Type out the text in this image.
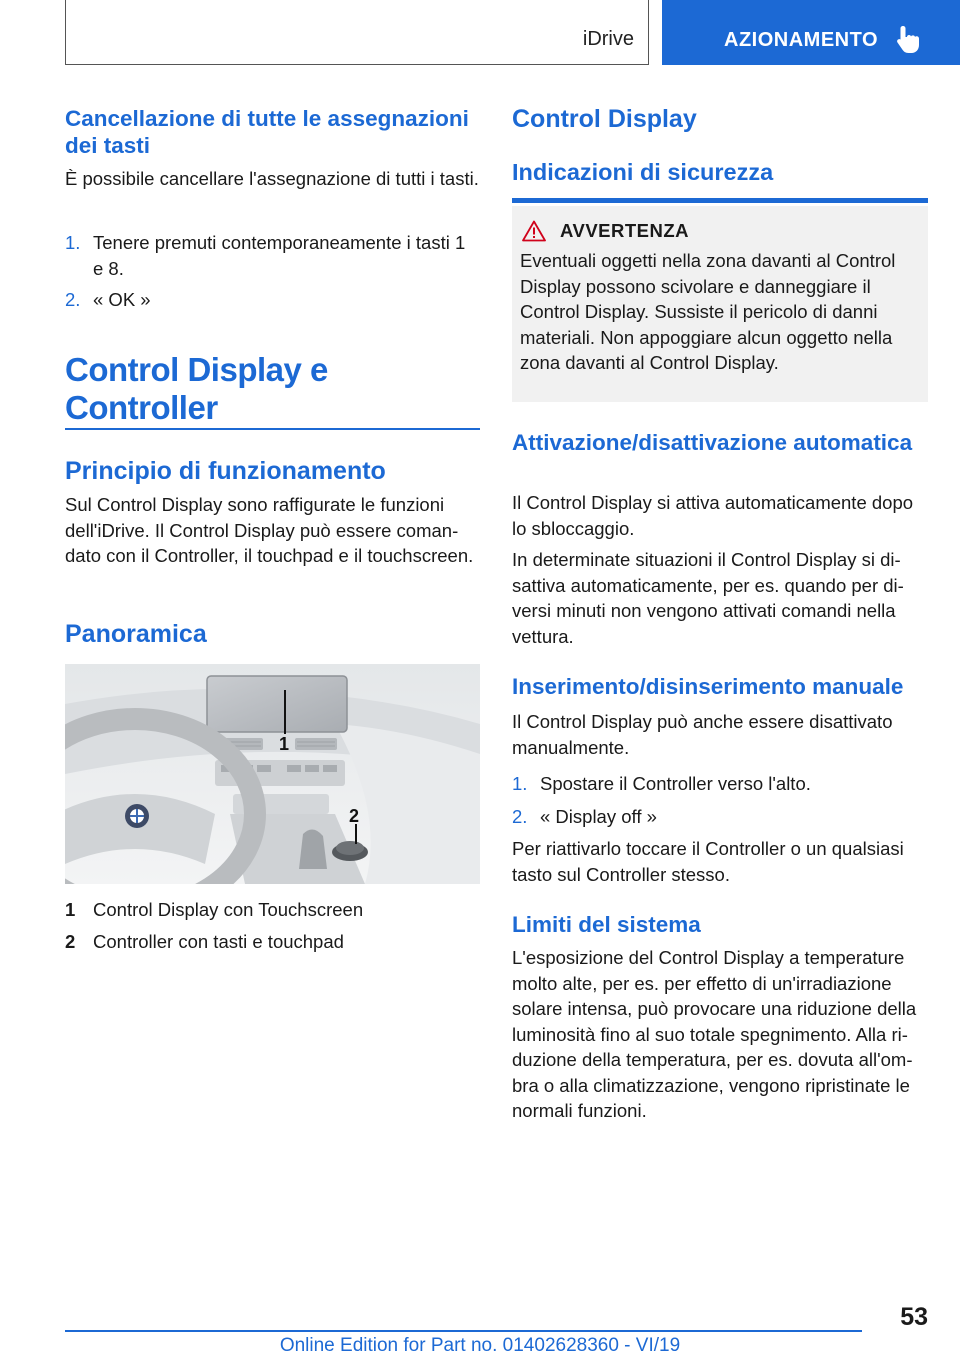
iDrive	AZIONAMENTO
Cancellazione di tutte le assegnazioni dei tasti

È possibile cancellare l'assegnazione di tutti i tasti.

1. Tenere premuti contemporaneamente i tasti 1 e 8.
2. « OK »
Control Display e Controller
Principio di funzionamento

Sul Control Display sono raffigurate le funzioni dell'iDrive. Il Control Display può essere comandato con il Controller, il touchpad e il touchscreen.

Panoramica
1
2
1 Control Display con Touchscreen
2 Controller con tasti e touchpad
Control Display
Indicazioni di sicurezza
AVVERTENZA

Eventuali oggetti nella zona davanti al Control Display possono scivolare e danneggiare il Control Display. Sussiste il pericolo di danni materiali. Non appoggiare alcun oggetto nella zona davanti al Control Display.

Attivazione/disattivazione automatica

Il Control Display si attiva automaticamente dopo lo sbloccaggio.

In determinate situazioni il Control Display si disattiva automaticamente, per es. quando per diversi minuti non vengono attivati comandi nella vettura.

Inserimento/disinserimento manuale

Il Control Display può anche essere disattivato manualmente.

1. Spostare il Controller verso l'alto.
2. « Display off »

Per riattivarlo toccare il Controller o un qualsiasi tasto sul Controller stesso.

Limiti del sistema

L'esposizione del Control Display a temperature molto alte, per es. per effetto di un'irradiazione solare intensa, può provocare una riduzione della luminosità fino al suo totale spegnimento. Alla riduzione della temperatura, per es. dovuta all'ombra o alla climatizzazione, vengono ripristinate le normali funzioni.

53
Online Edition for Part no. 01402628360 - VI/19
